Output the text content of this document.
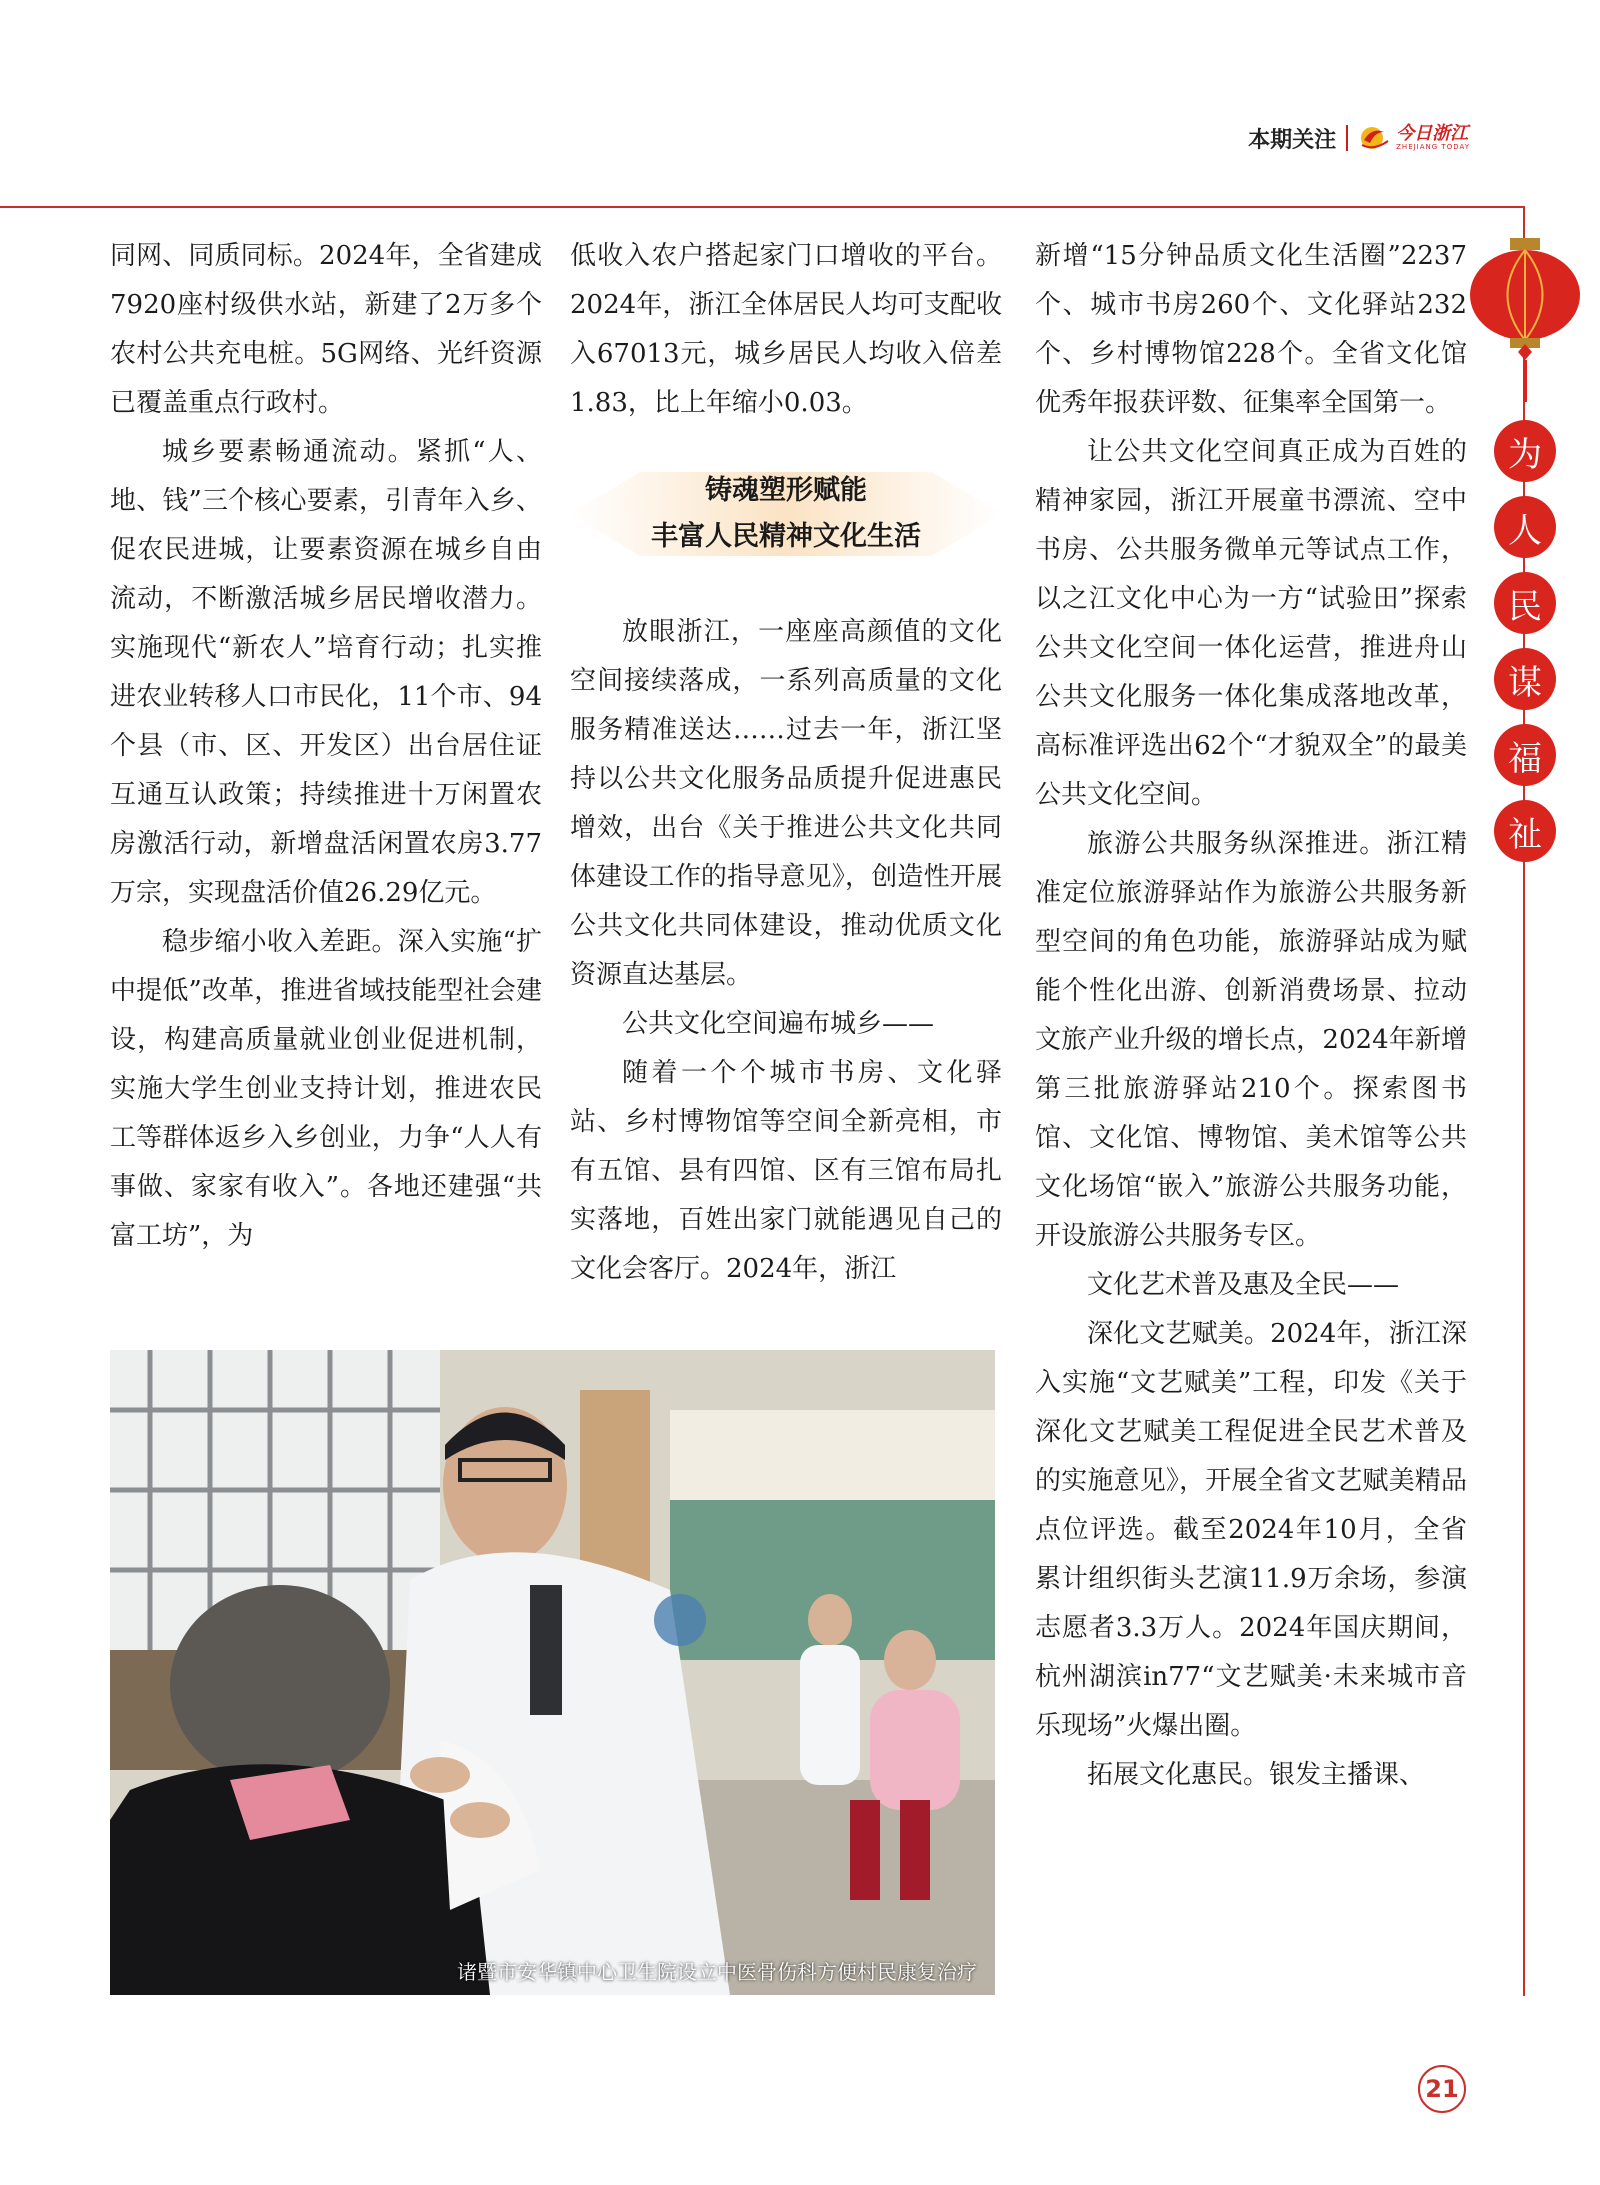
本期关注	今日浙江
ZHEJIANG TODAY

同网、同质同标。2024年，全省建成7920座村级供水站，新建了2万多个农村公共充电桩。5G网络、光纤资源已覆盖重点行政村。

城乡要素畅通流动。紧抓“人、地、钱”三个核心要素，引青年入乡、促农民进城，让要素资源在城乡自由流动，不断激活城乡居民增收潜力。实施现代“新农人”培育行动；扎实推进农业转移人口市民化，11个市、94个县（市、区、开发区）出台居住证互通互认政策；持续推进十万闲置农房激活行动，新增盘活闲置农房3.77万宗，实现盘活价值26.29亿元。

稳步缩小收入差距。深入实施“扩中提低”改革，推进省域技能型社会建设，构建高质量就业创业促进机制，实施大学生创业支持计划，推进农民工等群体返乡入乡创业，力争“人人有事做、家家有收入”。各地还建强“共富工坊”，为

低收入农户搭起家门口增收的平台。2024年，浙江全体居民人均可支配收入67013元，城乡居民人均收入倍差1.83，比上年缩小0.03。

铸魂塑形赋能
丰富人民精神文化生活

放眼浙江，一座座高颜值的文化空间接续落成，一系列高质量的文化服务精准送达……过去一年，浙江坚持以公共文化服务品质提升促进惠民增效，出台《关于推进公共文化共同体建设工作的指导意见》，创造性开展公共文化共同体建设，推动优质文化资源直达基层。

公共文化空间遍布城乡——

随着一个个城市书房、文化驿站、乡村博物馆等空间全新亮相，市有五馆、县有四馆、区有三馆布局扎实落地，百姓出家门就能遇见自己的文化会客厅。2024年，浙江

新增“15分钟品质文化生活圈”2237个、城市书房260个、文化驿站232个、乡村博物馆228个。全省文化馆优秀年报获评数、征集率全国第一。

让公共文化空间真正成为百姓的精神家园，浙江开展童书漂流、空中书房、公共服务微单元等试点工作，以之江文化中心为一方“试验田”探索公共文化空间一体化运营，推进舟山公共文化服务一体化集成落地改革，高标准评选出62个“才貌双全”的最美公共文化空间。

旅游公共服务纵深推进。浙江精准定位旅游驿站作为旅游公共服务新型空间的角色功能，旅游驿站成为赋能个性化出游、创新消费场景、拉动文旅产业升级的增长点，2024年新增第三批旅游驿站210个。探索图书馆、文化馆、博物馆、美术馆等公共文化场馆“嵌入”旅游公共服务功能，开设旅游公共服务专区。

文化艺术普及惠及全民——

深化文艺赋美。2024年，浙江深入实施“文艺赋美”工程，印发《关于深化文艺赋美工程促进全民艺术普及的实施意见》，开展全省文艺赋美精品点位评选。截至2024年10月，全省累计组织街头艺演11.9万余场，参演志愿者3.3万人。2024年国庆期间，杭州湖滨in77“文艺赋美·未来城市音乐现场”火爆出圈。

拓展文化惠民。银发主播课、

诸暨市安华镇中心卫生院设立中医骨伤科方便村民康复治疗
为
人
民
谋
福
祉
21
